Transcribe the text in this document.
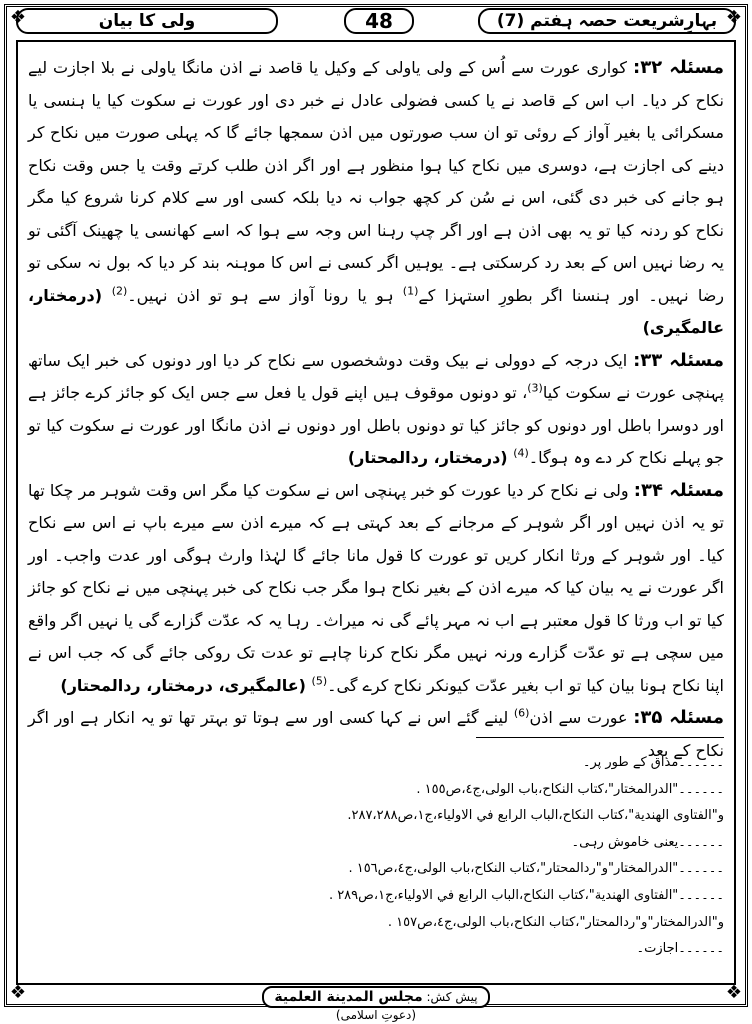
❖	❖
❖	❖
بہارِشریعت حصہ ہفتم (7)
48
ولی کا بیان

مسئلہ ۳۲: کواری عورت سے اُس کے ولی یاولی کے وکیل یا قاصد نے اذن مانگا یاولی نے بلا اجازت لیے نکاح کر دیا۔ اب اس کے قاصد نے یا کسی فضولی عادل نے خبر دی اور عورت نے سکوت کیا یا ہنسی یا مسکرائی یا بغیر آواز کے روئی تو ان سب صورتوں میں اذن سمجھا جائے گا کہ پہلی صورت میں نکاح کر دینے کی اجازت ہے، دوسری میں نکاح کیا ہوا منظور ہے اور اگر اذن طلب کرتے وقت یا جس وقت نکاح ہو جانے کی خبر دی گئی، اس نے سُن کر کچھ جواب نہ دیا بلکہ کسی اور سے کلام کرنا شروع کیا مگر نکاح کو ردنہ کیا تو یہ بھی اذن ہے اور اگر چپ رہنا اس وجہ سے ہوا کہ اسے کھانسی یا چھینک آگئی تو یہ رضا نہیں اس کے بعد رد کرسکتی ہے۔ یوہیں اگر کسی نے اس کا موہنہ بند کر دیا کہ بول نہ سکی تو رضا نہیں۔ اور ہنسنا اگر بطورِ استہزا کے$^{(1)}$ ہو یا رونا آواز سے ہو تو اذن نہیں۔$^{(2)}$ (درمختار، عالمگیری)

مسئلہ ۳۳: ایک درجہ کے دوولی نے بیک وقت دوشخصوں سے نکاح کر دیا اور دونوں کی خبر ایک ساتھ پہنچی عورت نے سکوت کیا$^{(3)}$، تو دونوں موقوف ہیں اپنے قول یا فعل سے جس ایک کو جائز کرے جائز ہے اور دوسرا باطل اور دونوں کو جائز کیا تو دونوں باطل اور دونوں نے اذن مانگا اور عورت نے سکوت کیا تو جو پہلے نکاح کر دے وہ ہوگا۔$^{(4)}$ (درمختار، ردالمحتار)

مسئلہ ۳۴: ولی نے نکاح کر دیا عورت کو خبر پہنچی اس نے سکوت کیا مگر اس وقت شوہر مر چکا تھا تو یہ اذن نہیں اور اگر شوہر کے مرجانے کے بعد کہتی ہے کہ میرے اذن سے میرے باپ نے اس سے نکاح کیا۔ اور شوہر کے ورثا انکار کریں تو عورت کا قول مانا جائے گا لہٰذا وارث ہوگی اور عدت واجب۔ اور اگر عورت نے یہ بیان کیا کہ میرے اذن کے بغیر نکاح ہوا مگر جب نکاح کی خبر پہنچی میں نے نکاح کو جائز کیا تو اب ورثا کا قول معتبر ہے اب نہ مہر پائے گی نہ میراث۔ رہا یہ کہ عدّت گزارے گی یا نہیں اگر واقع میں سچی ہے تو عدّت گزارے ورنہ نہیں مگر نکاح کرنا چاہے تو عدت تک روکی جائے گی کہ جب اس نے اپنا نکاح ہونا بیان کیا تو اب بغیر عدّت کیونکر نکاح کرے گی۔$^{(5)}$ (عالمگیری، درمختار، ردالمحتار)

مسئلہ ۳۵: عورت سے اذن$^{(6)}$ لینے گئے اس نے کہا کسی اور سے ہوتا تو بہتر تھا تو یہ انکار ہے اور اگر نکاح کے بعد

۔۔۔۔۔۔مذاق کے طور پر۔
۔۔۔۔۔۔"الدرالمختار"،کتاب النکاح،باب الولی،ج٤،ص١٥٥ .
و"الفتاوی الهندية"،کتاب النکاح،الباب الرابع في الاولياء،ج١،ص٢٨٧،٢٨٨.
۔۔۔۔۔۔یعنی خاموش رہی۔
۔۔۔۔۔۔"الدرالمختار"و"ردالمحتار"،کتاب النکاح،باب الولی،ج٤،ص١٥٦ .
۔۔۔۔۔۔"الفتاوی الهندية"،کتاب النکاح،الباب الرابع في الاولياء،ج١،ص٢٨٩ .
و"الدرالمختار"و"ردالمحتار"،کتاب النکاح،باب الولی،ج٤،ص١٥٧ .
۔۔۔۔۔۔اجازت۔
پیش کش: مجلس المدينة العلمية (دعوتِ اسلامی)
